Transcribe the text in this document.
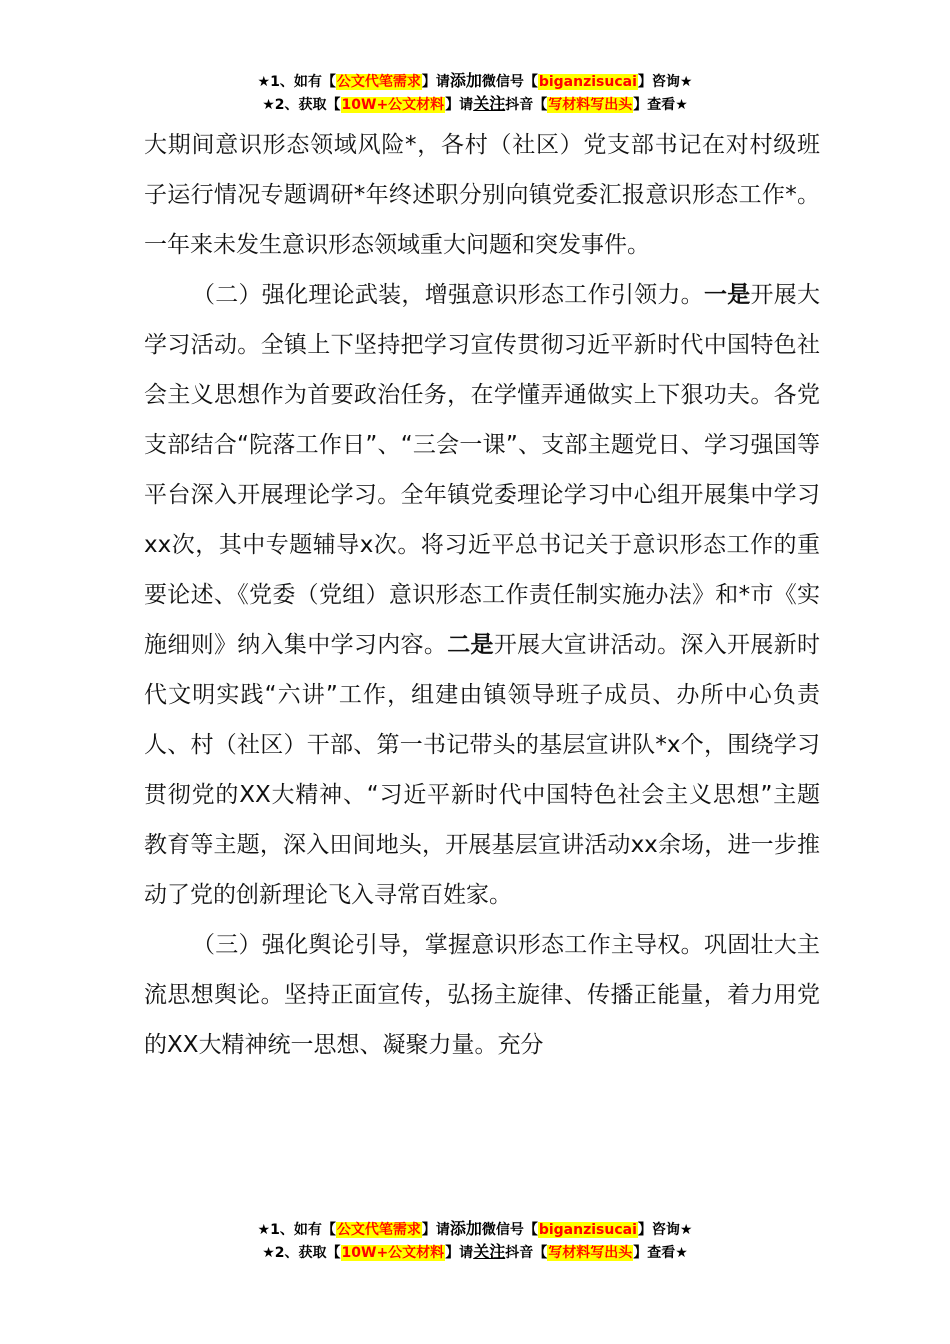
★1、如有【公文代笔需求】请添加微信号【biganzisucai】咨询★
★2、获取【10W+公文材料】请关注抖音【写材料写出头】查看★

大期间意识形态领域风险*，各村（社区）党支部书记在对村级班子运行情况专题调研*年终述职分别向镇党委汇报意识形态工作*。一年来未发生意识形态领域重大问题和突发事件。

（二）强化理论武装，增强意识形态工作引领力。一是开展大学习活动。全镇上下坚持把学习宣传贯彻习近平新时代中国特色社会主义思想作为首要政治任务，在学懂弄通做实上下狠功夫。各党支部结合“院落工作日”、“三会一课”、支部主题党日、学习强国等平台深入开展理论学习。全年镇党委理论学习中心组开展集中学习xx次，其中专题辅导x次。将习近平总书记关于意识形态工作的重要论述、《党委（党组）意识形态工作责任制实施办法》和*市《实施细则》纳入集中学习内容。二是开展大宣讲活动。深入开展新时代文明实践“六讲”工作，组建由镇领导班子成员、办所中心负责人、村（社区）干部、第一书记带头的基层宣讲队*x个，围绕学习贯彻党的XX大精神、“习近平新时代中国特色社会主义思想”主题教育等主题，深入田间地头，开展基层宣讲活动xx余场，进一步推动了党的创新理论飞入寻常百姓家。

（三）强化舆论引导，掌握意识形态工作主导权。巩固壮大主流思想舆论。坚持正面宣传，弘扬主旋律、传播正能量，着力用党的XX大精神统一思想、凝聚力量。充分

★1、如有【公文代笔需求】请添加微信号【biganzisucai】咨询★
★2、获取【10W+公文材料】请关注抖音【写材料写出头】查看★
